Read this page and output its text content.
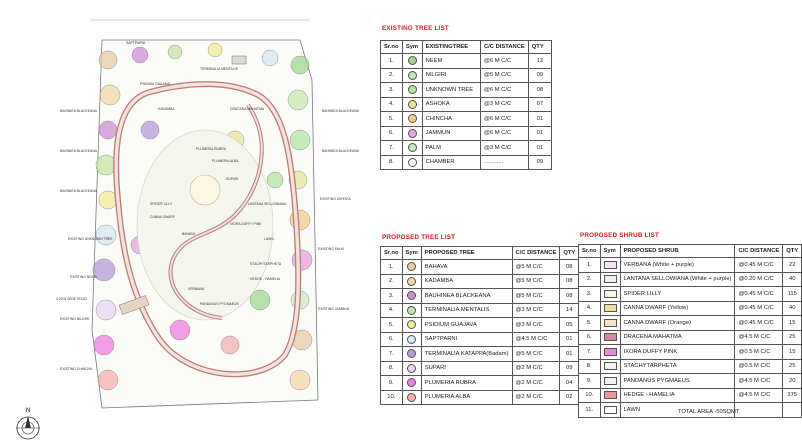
SAPTPARNI
BAHINIEA BLACKEANA
BAHINIEA BLACKEANA
BAHINIEA BLACKEANA
BAHINIEA BLACKEANA
BAHINIEA BLACKEANA
EXISTING UNKNOWN TREE
EXISTING NEEM
PSIDIUM GUAJAVA
KADAMBA
TERMINALIA MENTALIS
PLUMERIA RUBRA
PLUMERIA ALBA
SUPARI
BAHAVA
EXISTING NILGIRI
EXISTING ASHOKA
EXISTING PALM
SPIDER LILLY
CANNA DWARF
IXORA DUFFY PINK
LANTANA SELLOWIANA
STACHYTARPHETA
HEDGE - HAMELIA
VERBANA
PANDANUS PYGMAEUS
EXISTING CHINCHA
EXISTING JAMMUN
DRACENA MAHATMA
LAWN
4.20 M WIDE ROAD
N
EXISTING TREE LIST
Sr.no	Sym	EXISTINGTREE	C/C DISTANCE	QTY
1.		NEEM	@6 M C/C	12
2.		NILGIRI	@5 M C/C	09
3.		UNKNOWN TREE	@6 M C/C	08
4.		ASHOKA	@3 M C/C	07
5.		CHINCHA	@6 M C/C	01
6.		JAMMUN	@6 M C/C	01
7.		PALM	@3 M C/C	01
8.		CHAMBER	............	09
PROPOSED TREE LIST
Sr.no	Sym	PROPOSED TREE	C/C DISTANCE	QTY
1.		BAHAVA	@5 M C/C	08
2.		KADAMBA	@5 M C/C	08
3.		BAUHINEA BLACKEANA	@5 M C/C	08
4.		TERMINALIA MENTALIS	@3 M C/C	14
5.		PSIDIUM GUAJAVA	@3 M C/C	05
6.		SAPTPARNI	@4.5 M C/C	01
7.		TERMINALIA KATAPPA(Badam)	@5 M C/C	01
8.		SUPARI	@2 M C/C	09
9.		PLUMERIA RUBRA	@2 M C/C	04
10.		PLUMERIA ALBA	@2 M C/C	02
PROPOSED SHRUB LIST
Sr.no	Sym	PROPOSED SHRUB	C/C DISTANCE	QTY
1.		VERBANA (White + purple)	@0.45 M C/C	22
2.		LANTANA SELLOWIANA (White + purple)	@0.20 M C/C	40
3.		SPIDER LILLY	@0.45 M C/C	115
4.		CANNA DWARF (Yellow)	@0.45 M C/C	40
5.		CANNA DWARF (Orange)	@0.45 M C/C	15
6.		DRACENA MAHATMA	@4.5 M C/C	25
7.		IXORA DUFFY PINK	@0.5 M C/C	15
8.		STACHYTARPHETA	@0.5 M C/C	25
9.		PANDANUS PYGMAEUS	@4.5 M C/C	20
10.		HEDGE - HAMELIA	@4.5 M C/C	375
11.		LAWN			TOTAL AREA -50SQMT
